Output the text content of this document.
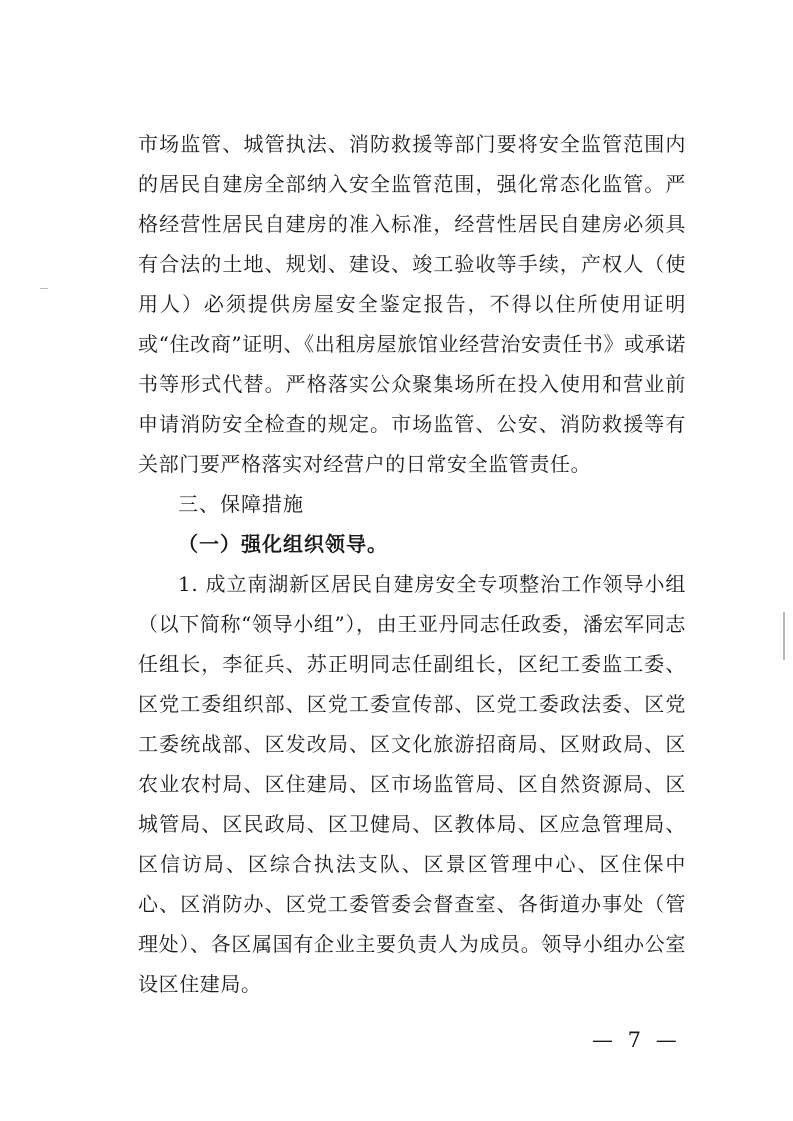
市场监管、城管执法、消防救援等部门要将安全监管范围内的居民自建房全部纳入安全监管范围，强化常态化监管。严格经营性居民自建房的准入标准，经营性居民自建房必须具有合法的土地、规划、建设、竣工验收等手续，产权人（使用人）必须提供房屋安全鉴定报告，不得以住所使用证明或“住改商”证明、《出租房屋旅馆业经营治安责任书》或承诺书等形式代替。严格落实公众聚集场所在投入使用和营业前申请消防安全检查的规定。市场监管、公安、消防救援等有关部门要严格落实对经营户的日常安全监管责任。

三、保障措施

（一）强化组织领导。

1. 成立南湖新区居民自建房安全专项整治工作领导小组（以下简称“领导小组”），由王亚丹同志任政委，潘宏军同志任组长，李征兵、苏正明同志任副组长，区纪工委监工委、区党工委组织部、区党工委宣传部、区党工委政法委、区党工委统战部、区发改局、区文化旅游招商局、区财政局、区农业农村局、区住建局、区市场监管局、区自然资源局、区城管局、区民政局、区卫健局、区教体局、区应急管理局、区信访局、区综合执法支队、区景区管理中心、区住保中心、区消防办、区党工委管委会督查室、各街道办事处（管理处）、各区属国有企业主要负责人为成员。领导小组办公室设区住建局。

— 7 —
